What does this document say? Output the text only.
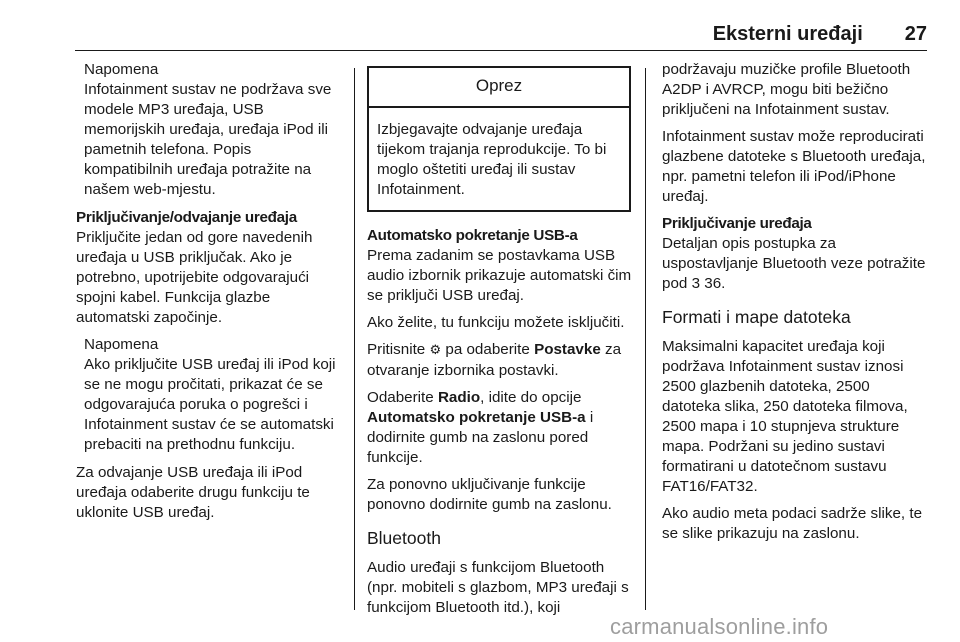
Eksterni uređaji 27
Napomena

Infotainment sustav ne podržava sve modele MP3 uređaja, USB memorijskih uređaja, uređaja iPod ili pametnih telefona. Popis kompatibilnih uređaja potražite na našem web-mjestu.

Priključivanje/odvajanje uređaja

Priključite jedan od gore navedenih uređaja u USB priključak. Ako je potrebno, upotrijebite odgovarajući spojni kabel. Funkcija glazbe automatski započinje.

Napomena

Ako priključite USB uređaj ili iPod koji se ne mogu pročitati, prikazat će se odgovarajuća poruka o pogrešci i Infotainment sustav će se automatski prebaciti na prethodnu funkciju.

Za odvajanje USB uređaja ili iPod uređaja odaberite drugu funkciju te uklonite USB uređaj.

Oprez
Izbjegavajte odvajanje uređaja tijekom trajanja reprodukcije. To bi moglo oštetiti uređaj ili sustav Infotainment.

Automatsko pokretanje USB-a

Prema zadanim se postavkama USB audio izbornik prikazuje automatski čim se priključi USB uređaj.

Ako želite, tu funkciju možete isključiti.

Pritisnite ⚙ pa odaberite Postavke za otvaranje izbornika postavki.

Odaberite Radio, idite do opcije Automatsko pokretanje USB-a i dodirnite gumb na zaslonu pored funkcije.

Za ponovno uključivanje funkcije ponovno dodirnite gumb na zaslonu.

Bluetooth

Audio uređaji s funkcijom Bluetooth (npr. mobiteli s glazbom, MP3 uređaji s funkcijom Bluetooth itd.), koji

podržavaju muzičke profile Bluetooth A2DP i AVRCP, mogu biti bežično priključeni na Infotainment sustav.

Infotainment sustav može reproducirati glazbene datoteke s Bluetooth uređaja, npr. pametni telefon ili iPod/iPhone uređaj.

Priključivanje uređaja

Detaljan opis postupka za uspostavljanje Bluetooth veze potražite pod 3 36.

Formati i mape datoteka

Maksimalni kapacitet uređaja koji podržava Infotainment sustav iznosi 2500 glazbenih datoteka, 2500 datoteka slika, 250 datoteka filmova, 2500 mapa i 10 stupnjeva strukture mapa. Podržani su jedino sustavi formatirani u datotečnom sustavu FAT16/FAT32.

Ako audio meta podaci sadrže slike, te se slike prikazuju na zaslonu.

carmanualsonline.info
